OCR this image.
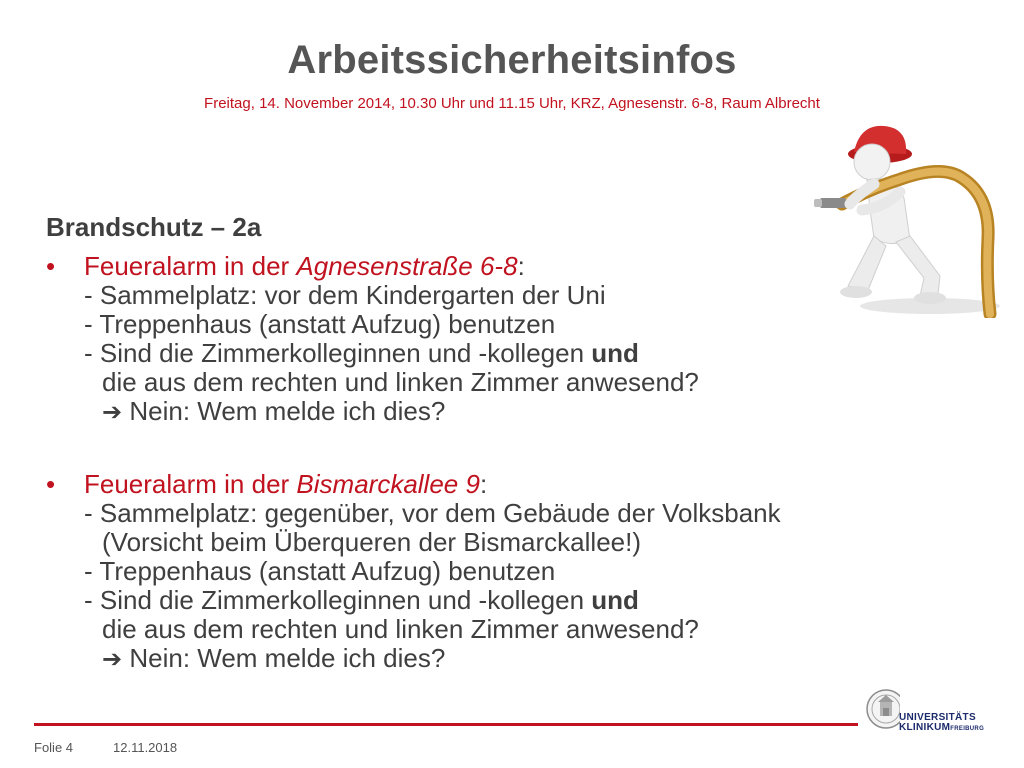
Arbeitssicherheitsinfos
Freitag, 14. November 2014, 10.30 Uhr und 11.15 Uhr, KRZ, Agnesenstr. 6-8, Raum Albrecht
Brandschutz – 2a
• Feueralarm in der Agnesenstraße 6-8:
- Sammelplatz: vor dem Kindergarten der Uni
- Treppenhaus (anstatt Aufzug) benutzen
- Sind die Zimmerkolleginnen und -kollegen und
die aus dem rechten und linken Zimmer anwesend?
➔ Nein: Wem melde ich dies?
• Feueralarm in der Bismarckallee 9:
- Sammelplatz: gegenüber, vor dem Gebäude der Volksbank
(Vorsicht beim Überqueren der Bismarckallee!)
- Treppenhaus (anstatt Aufzug) benutzen
- Sind die Zimmerkolleginnen und -kollegen und
die aus dem rechten und linken Zimmer anwesend?
➔ Nein: Wem melde ich dies?
Folie 4	12.11.2018
UNIVERSITÄTS
KLINIKUMFREIBURG
